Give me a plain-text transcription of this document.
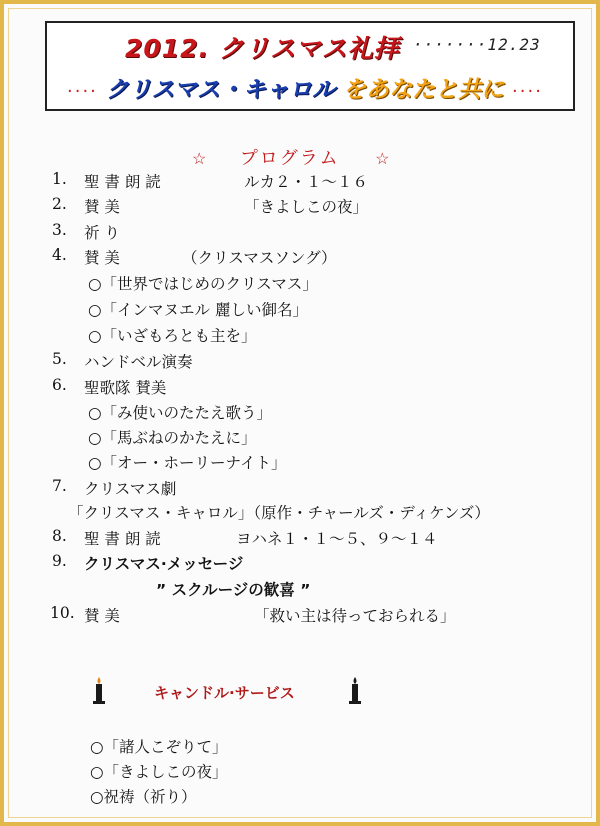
2012. クリスマス礼拝 ·······12.23
···· クリスマス・キャロル をあなたと共に ····
☆ プログラム ☆
1. 聖 書 朗 読	ルカ２・１〜１６
2. 賛 美	「きよしこの夜」
3. 祈 り
4. 賛 美	（クリスマスソング）
○「世界ではじめのクリスマス」
○「インマヌエル 麗しい御名」
○「いざもろとも主を」
5. ハンドベル演奏
6. 聖歌隊 賛美
○「み使いのたたえ歌う」
○「馬ぶねのかたえに」
○「オー・ホーリーナイト」
7. クリスマス劇
「クリスマス・キャロル」（原作・チャールズ・ディケンズ）
8. 聖 書 朗 読	ヨハネ１・１〜５、９〜１４
9. クリスマス·メッセージ
” スクルージの歓喜 ”
10. 賛 美	「救い主は待っておられる」
キャンドル·サービス
○「諸人こぞりて」
○「きよしこの夜」
○祝祷（祈り）
